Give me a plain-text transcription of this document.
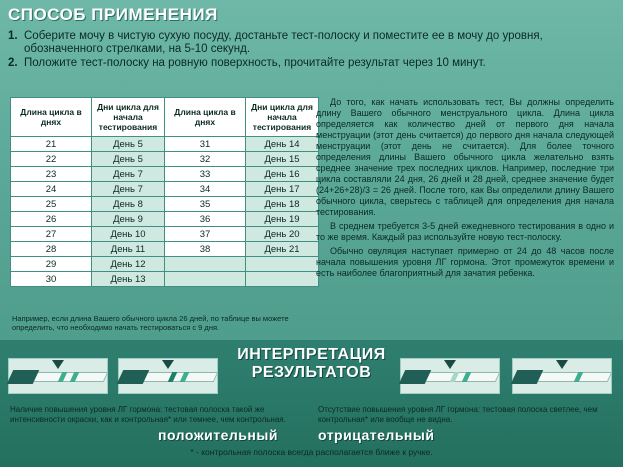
СПОСОБ ПРИМЕНЕНИЯ
1. Соберите мочу в чистую сухую посуду, достаньте тест-полоску и поместите ее в мочу до уровня, обозначенного стрелками, на 5-10 секунд.
2. Положите тест-полоску на ровную поверхность, прочитайте результат через 10 минут.
Длина цикла в днях	Дни цикла для начала тестирования	Длина цикла в днях	Дни цикла для начала тестирования
21	День 5	31	День 14
22	День 5	32	День 15
23	День 7	33	День 16
24	День 7	34	День 17
25	День 8	35	День 18
26	День 9	36	День 19
27	День 10	37	День 20
28	День 11	38	День 21
29	День 12		
30	День 13		
Например, если длина Вашего обычного цикла 26 дней, по таблице вы можете определить, что необходимо начать тестироваться с 9 дня.

До того, как начать использовать тест, Вы должны определить длину Вашего обычного менструального цикла. Длина цикла определяется как количество дней от первого дня начала менструации (этот день считается) до первого дня начала следующей менструации (этот день не считается). Для более точного определения длины Вашего обычного цикла желательно взять среднее значение трех последних циклов. Например, последние три цикла составляли 24 дня, 26 дней и 28 дней, среднее значение будет (24+26+28)/3 = 26 дней. После того, как Вы определили длину Вашего обычного цикла, сверьтесь с таблицей для определения дня начала тестирования.

В среднем требуется 3-5 дней ежедневного тестирования в одно и то же время. Каждый раз используйте новую тест-полоску.

Обычно овуляция наступает примерно от 24 до 48 часов после начала повышения уровня ЛГ гормона. Этот промежуток времени и есть наиболее благоприятный для зачатия ребенка.

ИНТЕРПРЕТАЦИЯ
РЕЗУЛЬТАТОВ
Наличие повышения уровня ЛГ гормона: тестовая полоска такой же интенсивности окраски, как и контрольная* или темнее, чем контрольная.
Отсутствие повышения уровня ЛГ гормона: тестовая полоска светлее, чем контрольная* или вообще не видна.
положительный	отрицательный
* - контрольная полоска всегда располагается ближе к ручке.
